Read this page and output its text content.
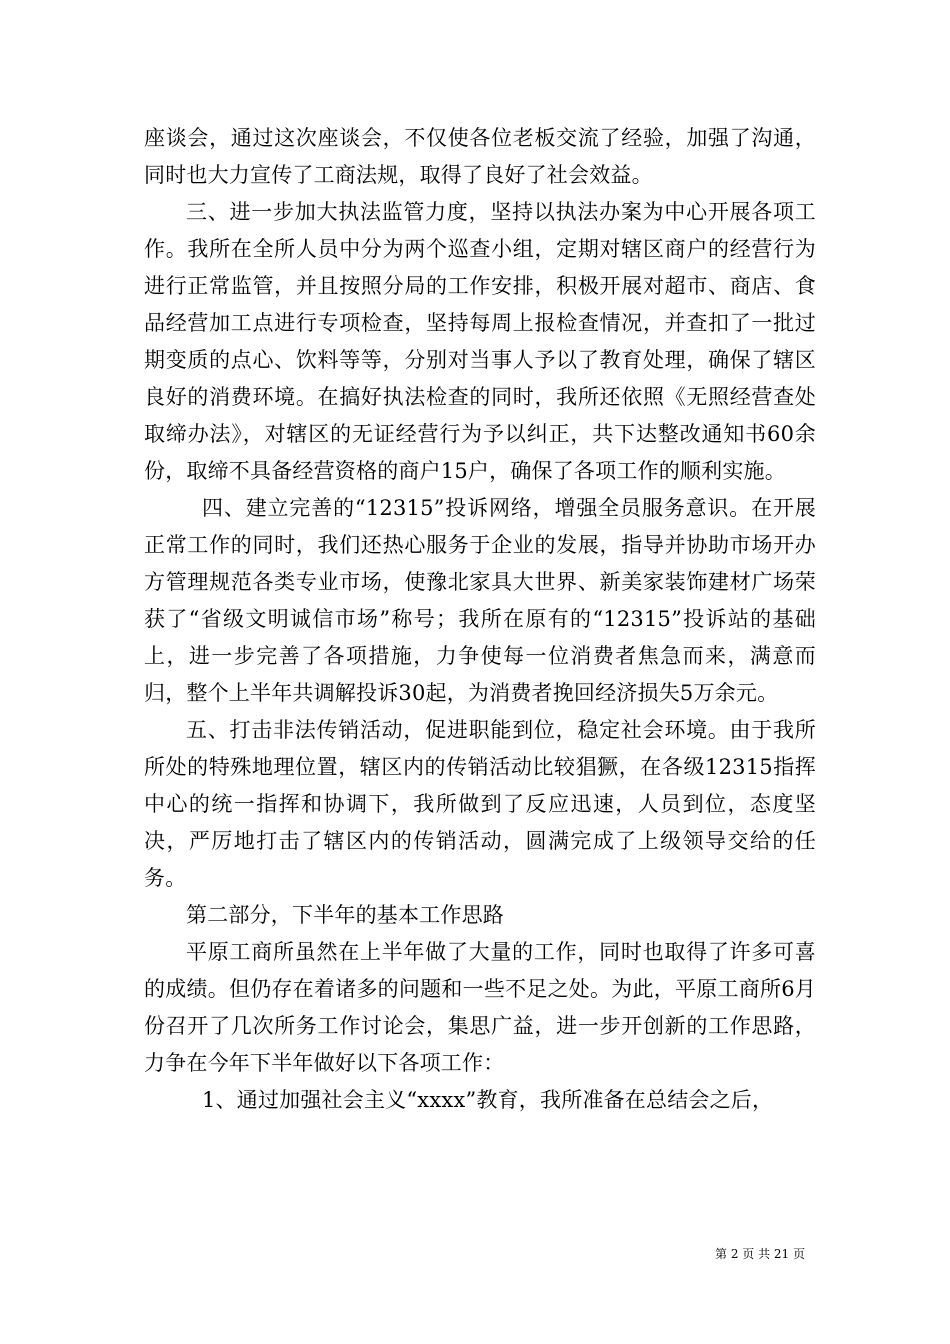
座谈会，通过这次座谈会，不仅使各位老板交流了经验，加强了沟通，同时也大力宣传了工商法规，取得了良好了社会效益。

三、进一步加大执法监管力度，坚持以执法办案为中心开展各项工作。我所在全所人员中分为两个巡查小组，定期对辖区商户的经营行为进行正常监管，并且按照分局的工作安排，积极开展对超市、商店、食品经营加工点进行专项检查，坚持每周上报检查情况，并查扣了一批过期变质的点心、饮料等等，分别对当事人予以了教育处理，确保了辖区良好的消费环境。在搞好执法检查的同时，我所还依照《无照经营查处取缔办法》，对辖区的无证经营行为予以纠正，共下达整改通知书60余份，取缔不具备经营资格的商户15户，确保了各项工作的顺利实施。

四、建立完善的“12315”投诉网络，增强全员服务意识。在开展正常工作的同时，我们还热心服务于企业的发展，指导并协助市场开办方管理规范各类专业市场，使豫北家具大世界、新美家装饰建材广场荣获了“省级文明诚信市场”称号；我所在原有的“12315”投诉站的基础上，进一步完善了各项措施，力争使每一位消费者焦急而来，满意而归，整个上半年共调解投诉30起，为消费者挽回经济损失5万余元。

五、打击非法传销活动，促进职能到位，稳定社会环境。由于我所所处的特殊地理位置，辖区内的传销活动比较猖獗，在各级12315指挥中心的统一指挥和协调下，我所做到了反应迅速，人员到位，态度坚决，严厉地打击了辖区内的传销活动，圆满完成了上级领导交给的任务。

第二部分，下半年的基本工作思路

平原工商所虽然在上半年做了大量的工作，同时也取得了许多可喜的成绩。但仍存在着诸多的问题和一些不足之处。为此，平原工商所6月份召开了几次所务工作讨论会，集思广益，进一步开创新的工作思路，力争在今年下半年做好以下各项工作：

1、通过加强社会主义“xxxx”教育，我所准备在总结会之后，

第 2 页 共 21 页
